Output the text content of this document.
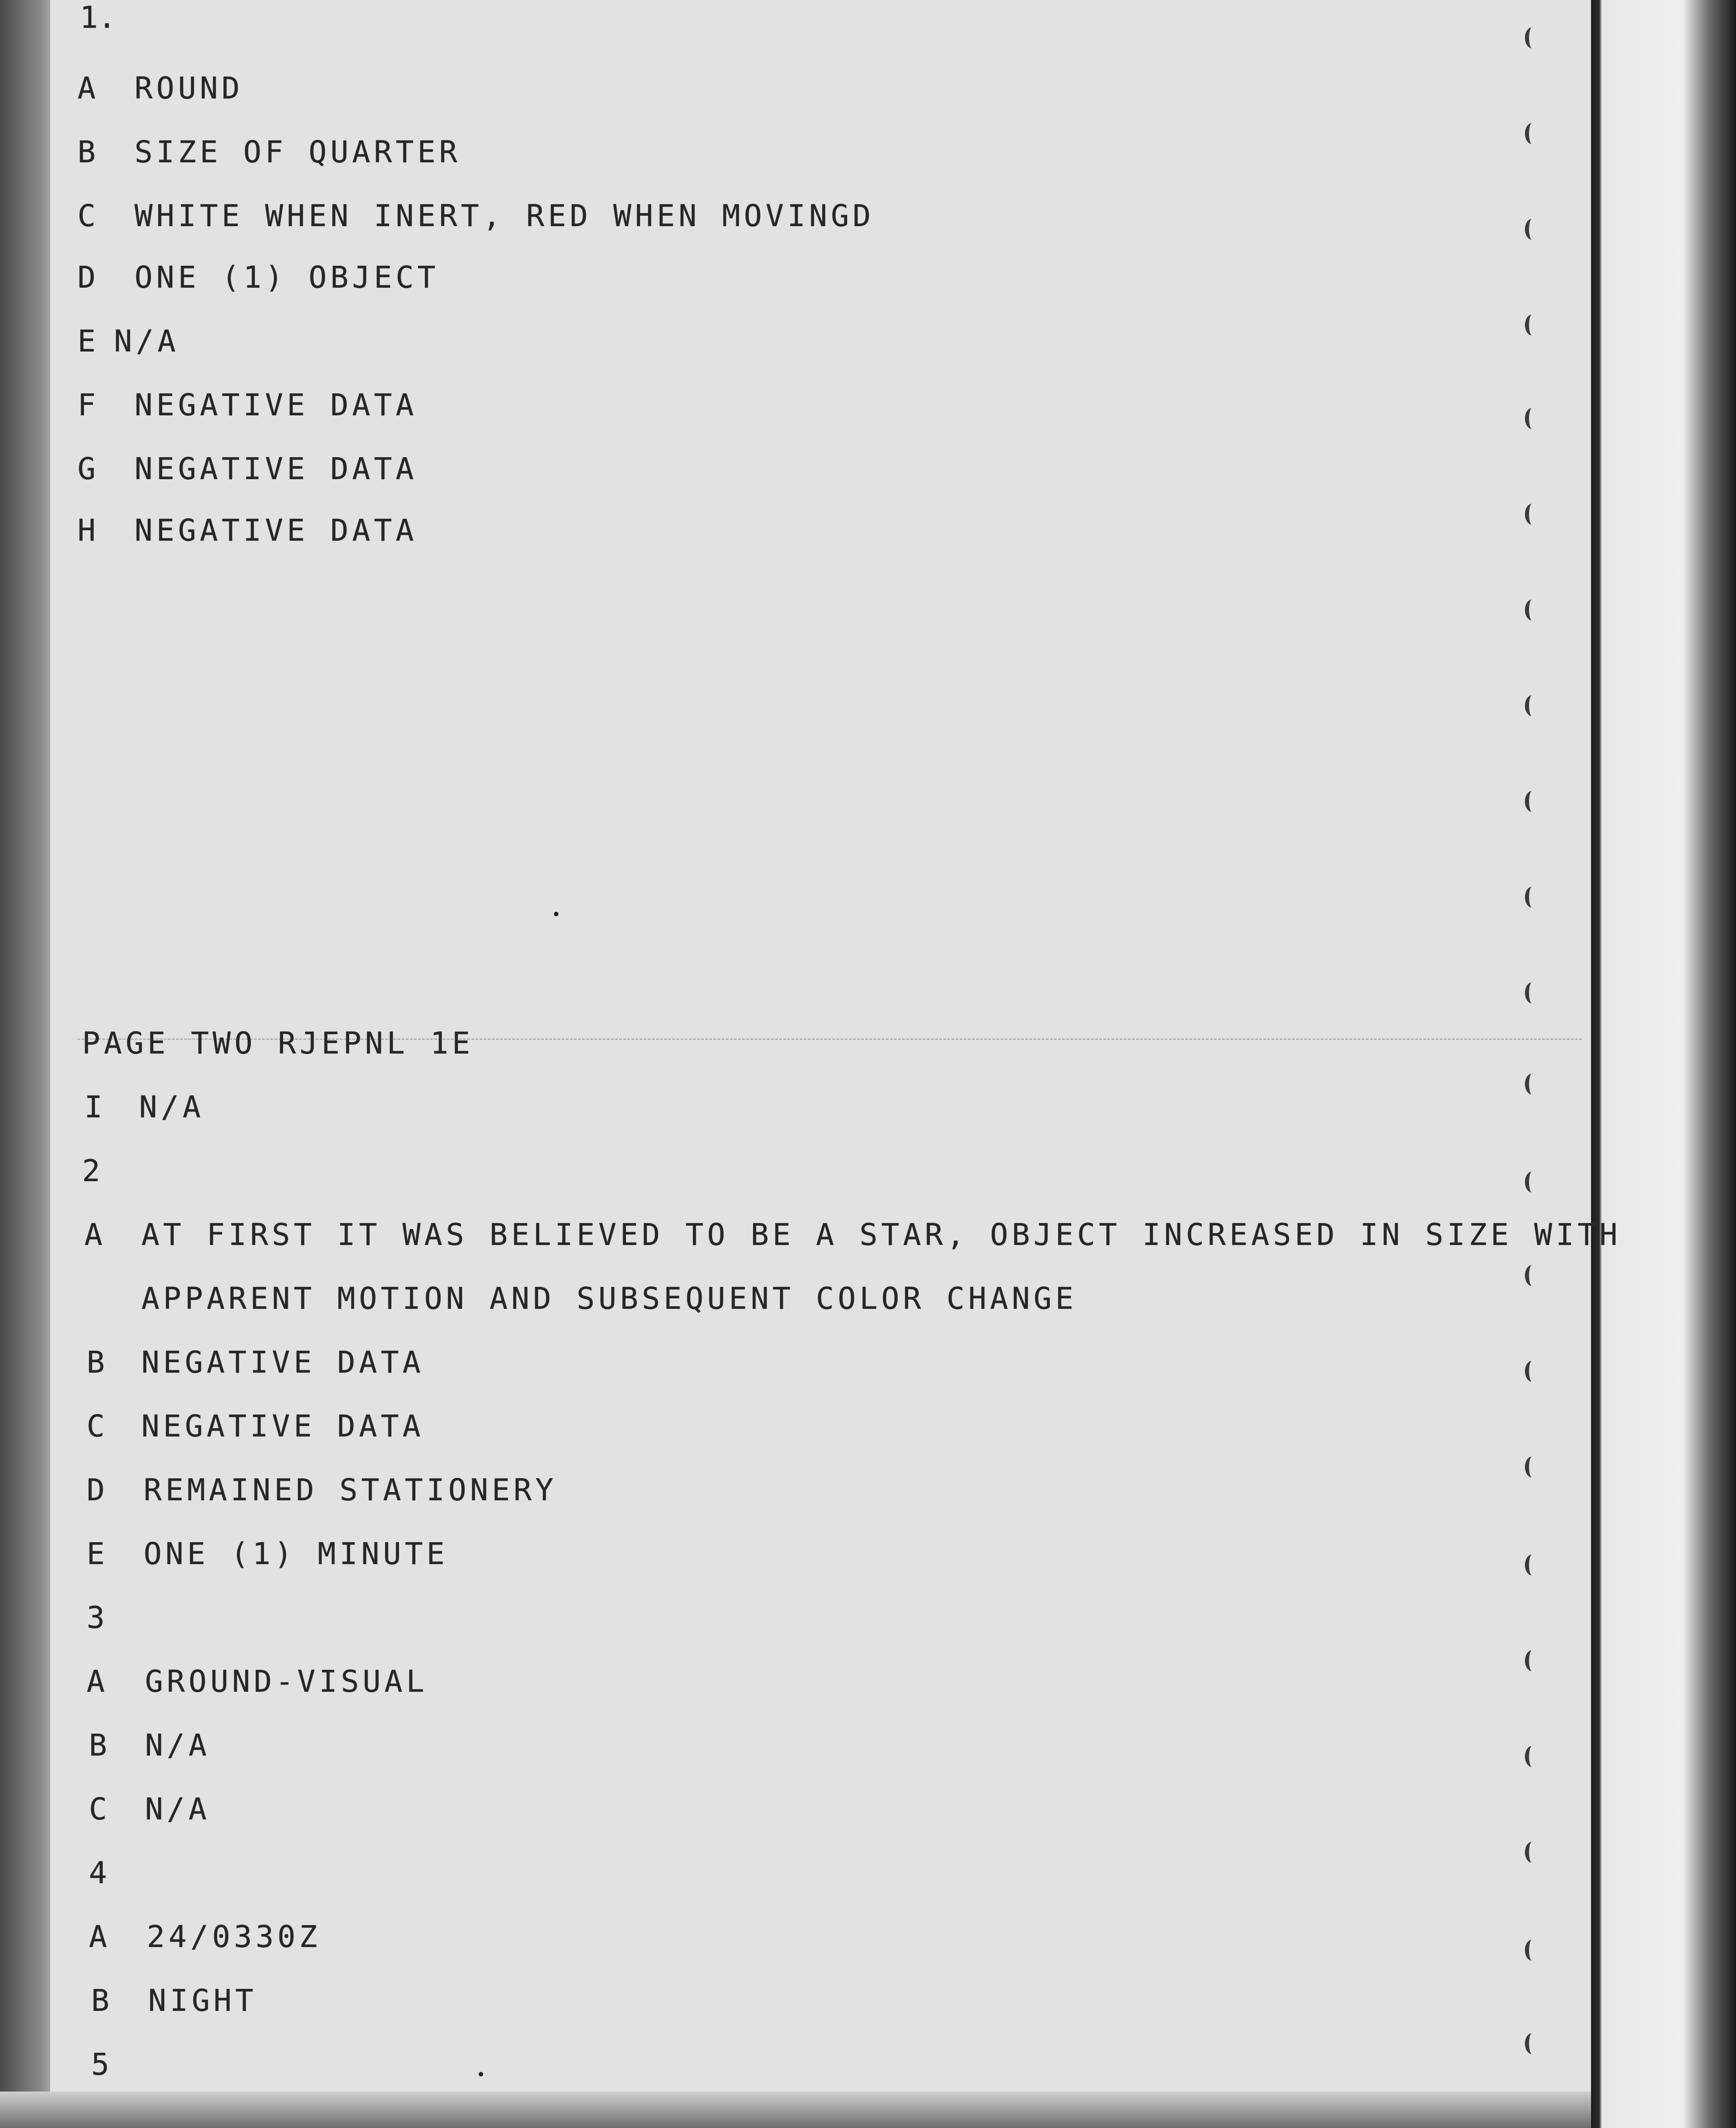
1.
A ROUND
B SIZE OF QUARTER
C WHITE WHEN INERT, RED WHEN MOVINGD
D ONE (1) OBJECT
E N/A
F NEGATIVE DATA
G NEGATIVE DATA
H NEGATIVE DATA
PAGE TWO RJEPNL 1E
I N/A
2
A AT FIRST IT WAS BELIEVED TO BE A STAR, OBJECT INCREASED IN SIZE WITH
APPARENT MOTION AND SUBSEQUENT COLOR CHANGE
B NEGATIVE DATA
C NEGATIVE DATA
D REMAINED STATIONERY
E ONE (1) MINUTE
3
A GROUND-VISUAL
B N/A
C N/A
4
A 24/0330Z
B NIGHT
5
